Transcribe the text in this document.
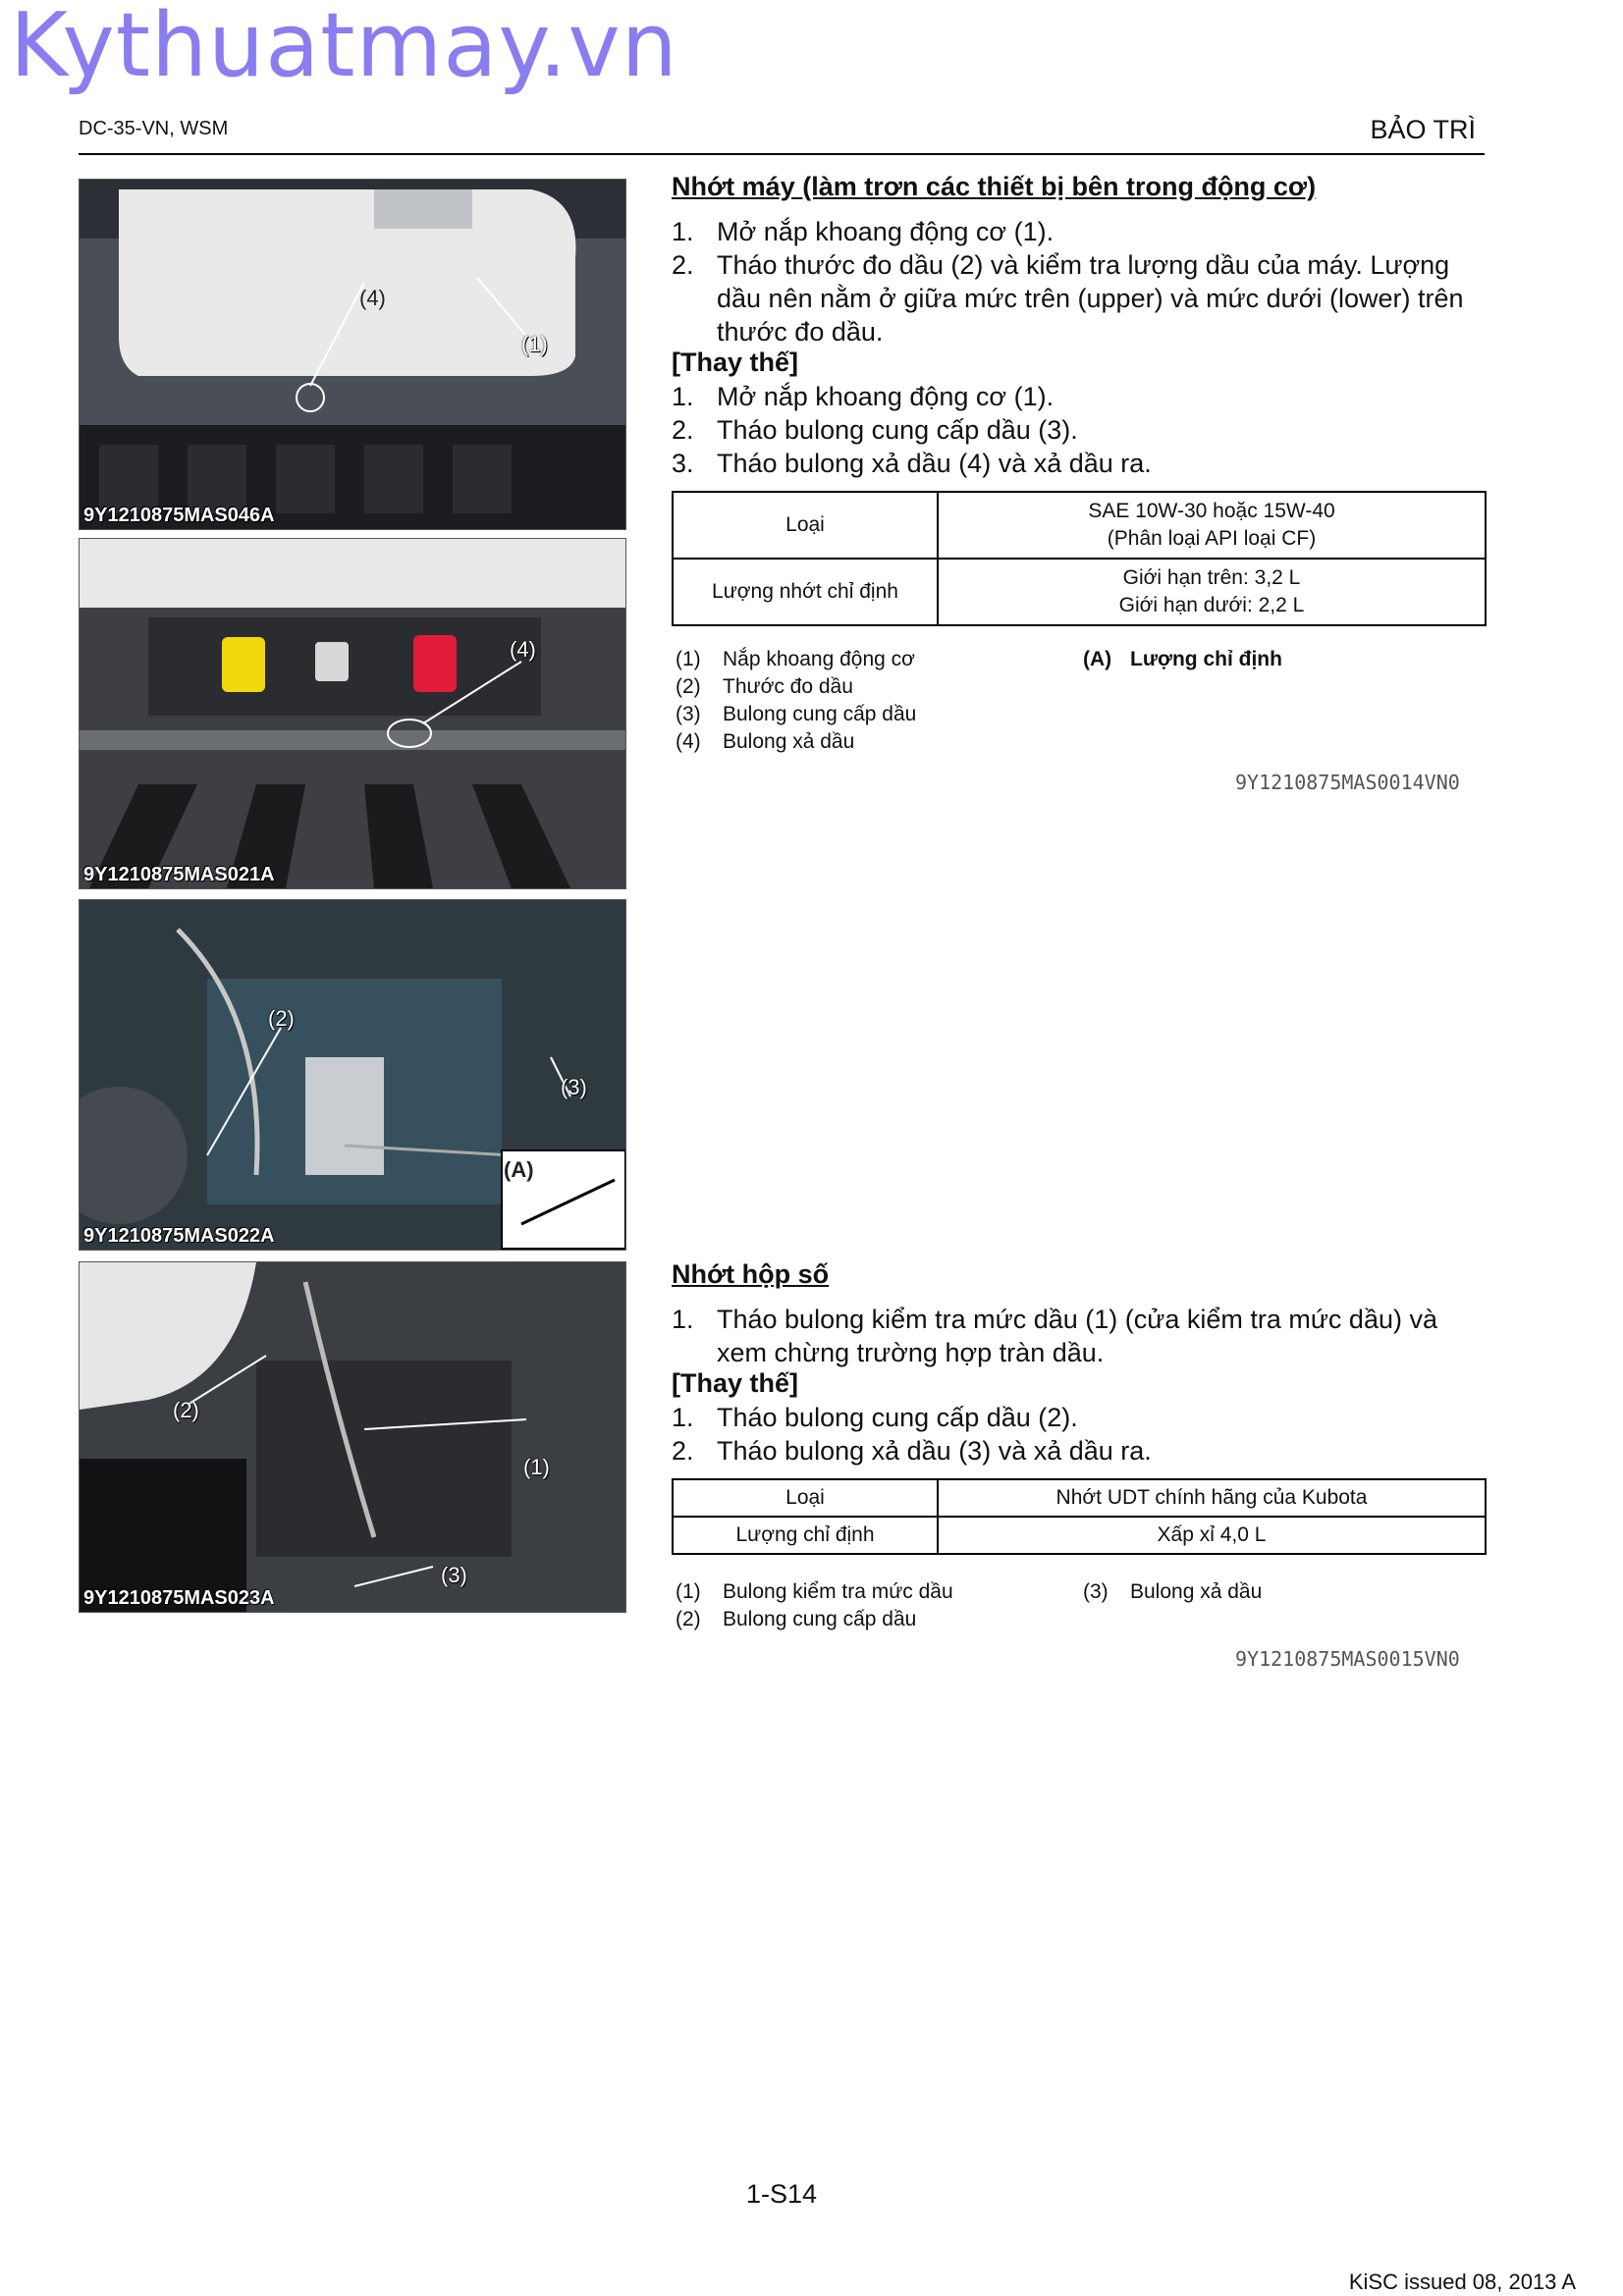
Kythuatmay.vn
DC-35-VN, WSM	BẢO TRÌ
(4)
(1)
9Y1210875MAS046A
(4)
9Y1210875MAS021A
(2)
(3)
(A)
9Y1210875MAS022A
(2)
(1)
(3)
9Y1210875MAS023A
Nhớt máy (làm trơn các thiết bị bên trong động cơ)
1. Mở nắp khoang động cơ (1).
2. Tháo thước đo dầu (2) và kiểm tra lượng dầu của máy. Lượng dầu nên nằm ở giữa mức trên (upper) và mức dưới (lower) trên thước đo dầu.
[Thay thế]
1. Mở nắp khoang động cơ (1).
2. Tháo bulong cung cấp dầu (3).
3. Tháo bulong xả dầu (4) và xả dầu ra.
Loại	SAE 10W-30 hoặc 15W-40
(Phân loại API loại CF)

Lượng nhớt chỉ định	Giới hạn trên: 3,2 L
Giới hạn dưới: 2,2 L
(1) Nắp khoang động cơ
(2) Thước đo dầu
(3) Bulong cung cấp dầu
(4) Bulong xả dầu
(A) Lượng chỉ định
9Y1210875MAS0014VN0
Nhớt hộp số
1. Tháo bulong kiểm tra mức dầu (1) (cửa kiểm tra mức dầu) và xem chừng trường hợp tràn dầu.
[Thay thế]
1. Tháo bulong cung cấp dầu (2).
2. Tháo bulong xả dầu (3) và xả dầu ra.
Loại	Nhớt UDT chính hãng của Kubota
Lượng chỉ định	Xấp xỉ 4,0 L
(1) Bulong kiểm tra mức dầu
(2) Bulong cung cấp dầu
(3) Bulong xả dầu
9Y1210875MAS0015VN0
1-S14
KiSC issued 08, 2013 A
